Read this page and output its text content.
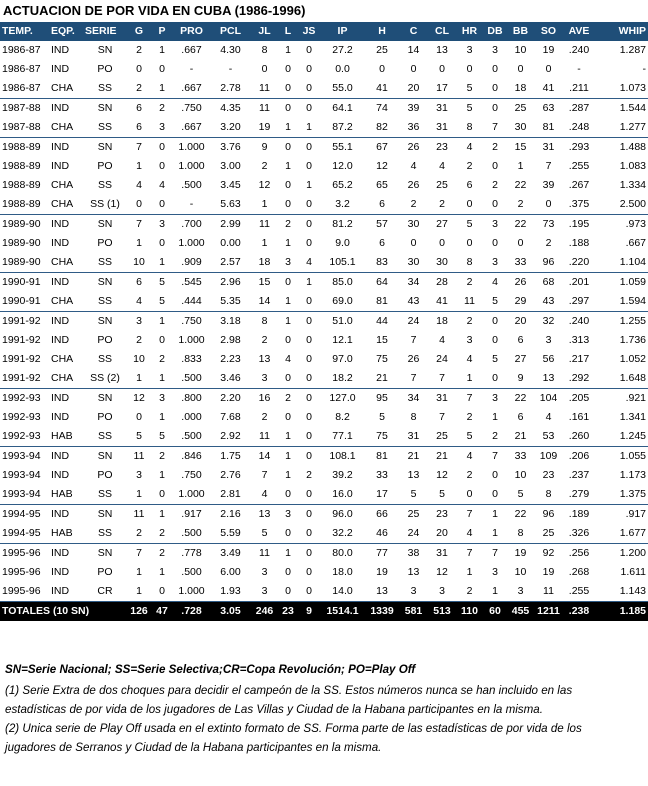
ACTUACION DE POR VIDA EN CUBA (1986-1996)
TEMP.	EQP.	SERIE	G	P	PRO	PCL	JL	L	JS	IP	H	C	CL	HR	DB	BB	SO	AVE	WHIP
1986-87	IND	SN	2	1	.667	4.30	8	1	0	27.2	25	14	13	3	3	10	19	.240	1.287
1986-87	IND	PO	0	0	-	-	0	0	0	0.0	0	0	0	0	0	0	0	-	-
1986-87	CHA	SS	2	1	.667	2.78	11	0	0	55.0	41	20	17	5	0	18	41	.211	1.073
1987-88	IND	SN	6	2	.750	4.35	11	0	0	64.1	74	39	31	5	0	25	63	.287	1.544
1987-88	CHA	SS	6	3	.667	3.20	19	1	1	87.2	82	36	31	8	7	30	81	.248	1.277
1988-89	IND	SN	7	0	1.000	3.76	9	0	0	55.1	67	26	23	4	2	15	31	.293	1.488
1988-89	IND	PO	1	0	1.000	3.00	2	1	0	12.0	12	4	4	2	0	1	7	.255	1.083
1988-89	CHA	SS	4	4	.500	3.45	12	0	1	65.2	65	26	25	6	2	22	39	.267	1.334
1988-89	CHA	SS (1)	0	0	-	5.63	1	0	0	3.2	6	2	2	0	0	2	0	.375	2.500
1989-90	IND	SN	7	3	.700	2.99	11	2	0	81.2	57	30	27	5	3	22	73	.195	.973
1989-90	IND	PO	1	0	1.000	0.00	1	1	0	9.0	6	0	0	0	0	0	2	.188	.667
1989-90	CHA	SS	10	1	.909	2.57	18	3	4	105.1	83	30	30	8	3	33	96	.220	1.104
1990-91	IND	SN	6	5	.545	2.96	15	0	1	85.0	64	34	28	2	4	26	68	.201	1.059
1990-91	CHA	SS	4	5	.444	5.35	14	1	0	69.0	81	43	41	11	5	29	43	.297	1.594
1991-92	IND	SN	3	1	.750	3.18	8	1	0	51.0	44	24	18	2	0	20	32	.240	1.255
1991-92	IND	PO	2	0	1.000	2.98	2	0	0	12.1	15	7	4	3	0	6	3	.313	1.736
1991-92	CHA	SS	10	2	.833	2.23	13	4	0	97.0	75	26	24	4	5	27	56	.217	1.052
1991-92	CHA	SS (2)	1	1	.500	3.46	3	0	0	18.2	21	7	7	1	0	9	13	.292	1.648
1992-93	IND	SN	12	3	.800	2.20	16	2	0	127.0	95	34	31	7	3	22	104	.205	.921
1992-93	IND	PO	0	1	.000	7.68	2	0	0	8.2	5	8	7	2	1	6	4	.161	1.341
1992-93	HAB	SS	5	5	.500	2.92	11	1	0	77.1	75	31	25	5	2	21	53	.260	1.245
1993-94	IND	SN	11	2	.846	1.75	14	1	0	108.1	81	21	21	4	7	33	109	.206	1.055
1993-94	IND	PO	3	1	.750	2.76	7	1	2	39.2	33	13	12	2	0	10	23	.237	1.173
1993-94	HAB	SS	1	0	1.000	2.81	4	0	0	16.0	17	5	5	0	0	5	8	.279	1.375
1994-95	IND	SN	11	1	.917	2.16	13	3	0	96.0	66	25	23	7	1	22	96	.189	.917
1994-95	HAB	SS	2	2	.500	5.59	5	0	0	32.2	46	24	20	4	1	8	25	.326	1.677
1995-96	IND	SN	7	2	.778	3.49	11	1	0	80.0	77	38	31	7	7	19	92	.256	1.200
1995-96	IND	PO	1	1	.500	6.00	3	0	0	18.0	19	13	12	1	3	10	19	.268	1.611
1995-96	IND	CR	1	0	1.000	1.93	3	0	0	14.0	13	3	3	2	1	3	11	.255	1.143
TOTALES (10 SN)			126	47	.728	3.05	246	23	9	1514.1	1339	581	513	110	60	455	1211	.238	1.185

SN=Serie Nacional; SS=Serie Selectiva;CR=Copa Revolución; PO=Play Off

(1) Serie Extra de dos choques para decidir el campeón de la SS. Estos números nunca se han incluido en las estadísticas de por vida de los jugadores de Las Villas y Ciudad de la Habana participantes en la misma.

(2) Unica serie de Play Off usada en el extinto formato de SS. Forma parte de las estadísticas de por vida de los jugadores de Serranos y Ciudad de la Habana participantes en la misma.
